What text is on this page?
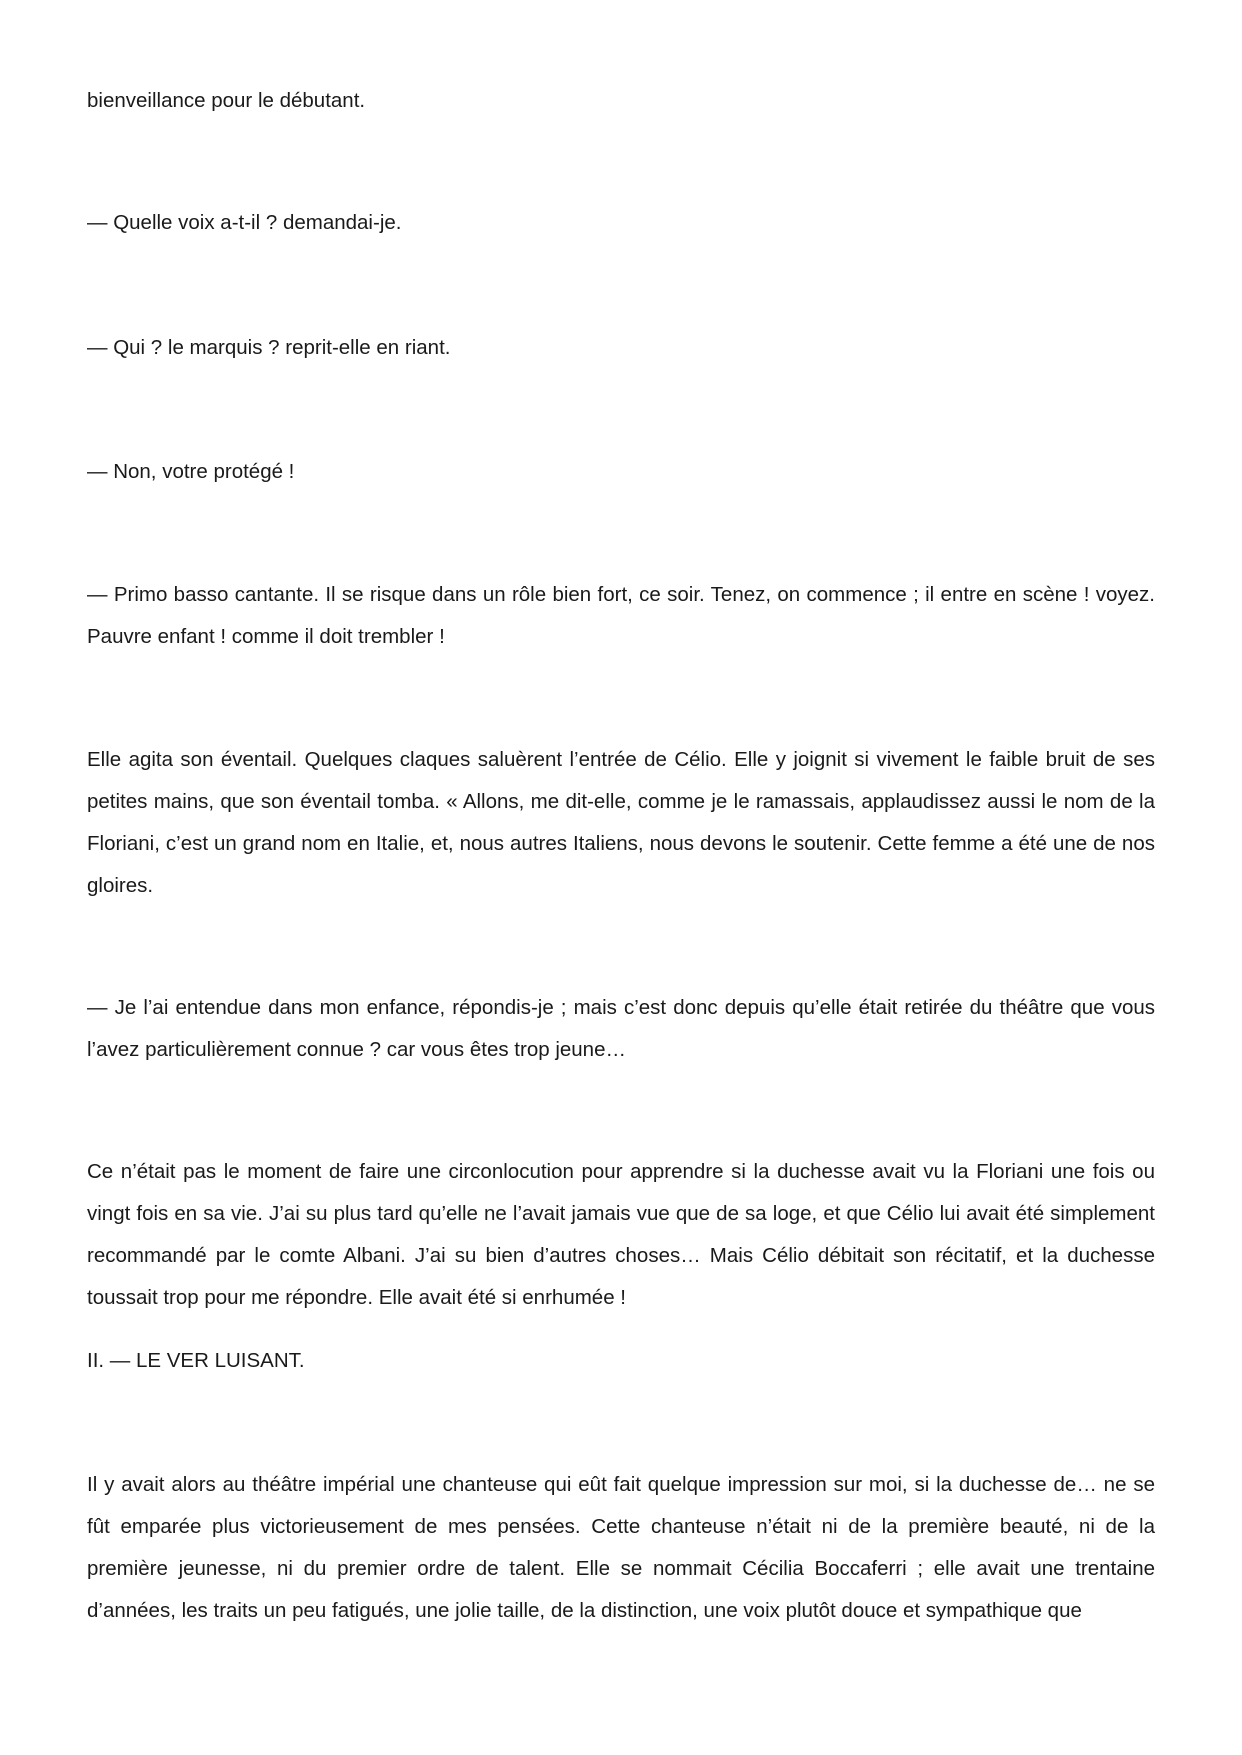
bienveillance pour le débutant.

— Quelle voix a-t-il ? demandai-je.

— Qui ? le marquis ? reprit-elle en riant.

— Non, votre protégé !

— Primo basso cantante. Il se risque dans un rôle bien fort, ce soir. Tenez, on commence ; il entre en scène ! voyez. Pauvre enfant ! comme il doit trembler !

Elle agita son éventail. Quelques claques saluèrent l’entrée de Célio. Elle y joignit si vivement le faible bruit de ses petites mains, que son éventail tomba. « Allons, me dit-elle, comme je le ramassais, applaudissez aussi le nom de la Floriani, c’est un grand nom en Italie, et, nous autres Italiens, nous devons le soutenir. Cette femme a été une de nos gloires.

— Je l’ai entendue dans mon enfance, répondis-je ; mais c’est donc depuis qu’elle était retirée du théâtre que vous l’avez particulièrement connue ? car vous êtes trop jeune…

Ce n’était pas le moment de faire une circonlocution pour apprendre si la duchesse avait vu la Floriani une fois ou vingt fois en sa vie. J’ai su plus tard qu’elle ne l’avait jamais vue que de sa loge, et que Célio lui avait été simplement recommandé par le comte Albani. J’ai su bien d’autres choses… Mais Célio débitait son récitatif, et la duchesse toussait trop pour me répondre. Elle avait été si enrhumée !

II. — LE VER LUISANT.

Il y avait alors au théâtre impérial une chanteuse qui eût fait quelque impression sur moi, si la duchesse de… ne se fût emparée plus victorieusement de mes pensées. Cette chanteuse n’était ni de la première beauté, ni de la première jeunesse, ni du premier ordre de talent. Elle se nommait Cécilia Boccaferri ; elle avait une trentaine d’années, les traits un peu fatigués, une jolie taille, de la distinction, une voix plutôt douce et sympathique que
